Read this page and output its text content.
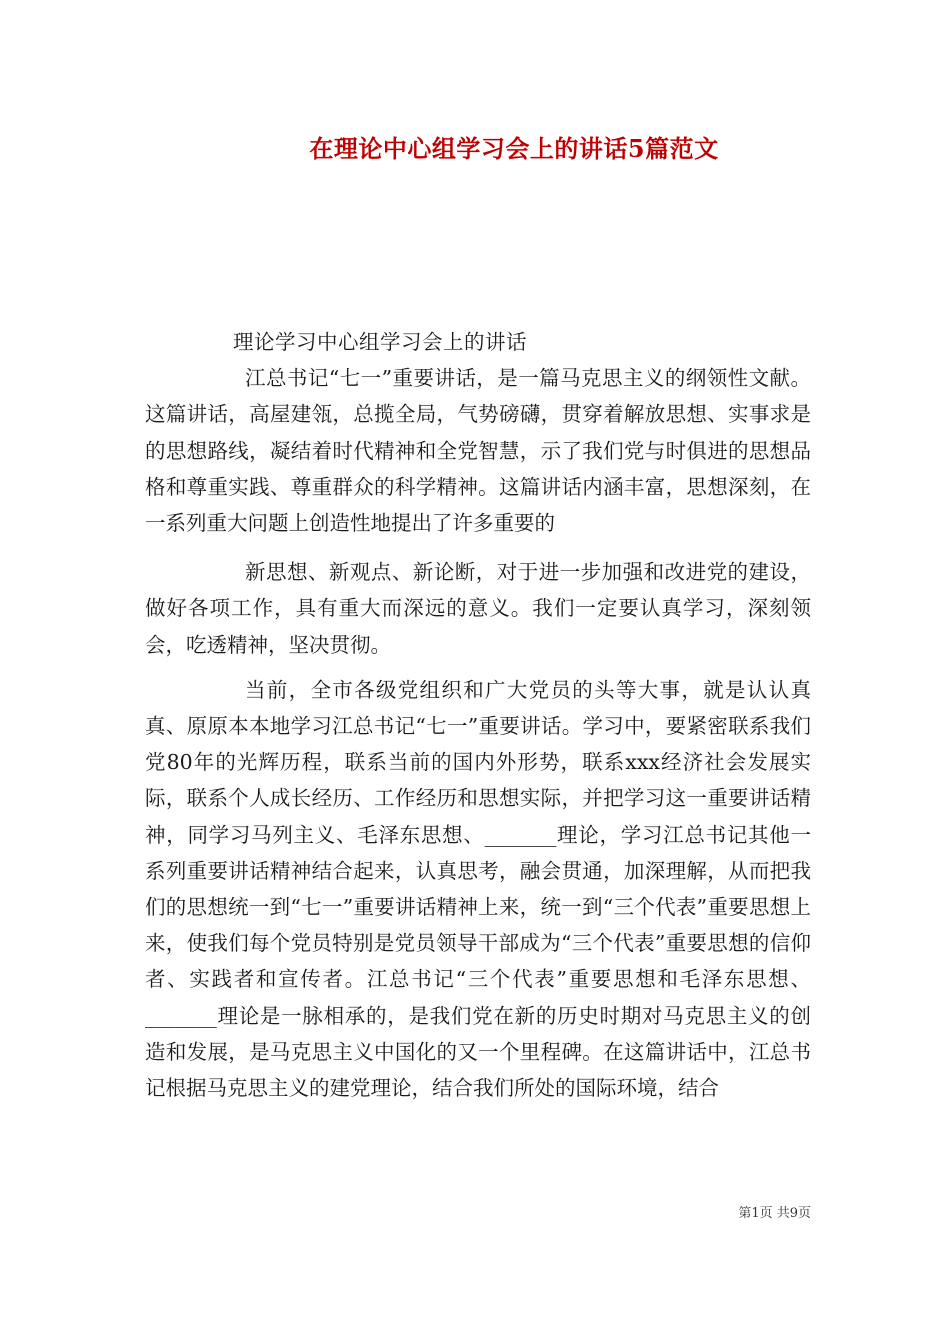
在理论中心组学习会上的讲话5篇范文

理论学习中心组学习会上的讲话

江总书记“七一”重要讲话，是一篇马克思主义的纲领性文献。这篇讲话，高屋建瓴，总揽全局，气势磅礴，贯穿着解放思想、实事求是的思想路线，凝结着时代精神和全党智慧，示了我们党与时俱进的思想品格和尊重实践、尊重群众的科学精神。这篇讲话内涵丰富，思想深刻，在一系列重大问题上创造性地提出了许多重要的

新思想、新观点、新论断，对于进一步加强和改进党的建设，做好各项工作，具有重大而深远的意义。我们一定要认真学习，深刻领会，吃透精神，坚决贯彻。

当前，全市各级党组织和广大党员的头等大事，就是认认真真、原原本本地学习江总书记“七一”重要讲话。学习中，要紧密联系我们党80年的光辉历程，联系当前的国内外形势，联系xxx经济社会发展实际，联系个人成长经历、工作经历和思想实际，并把学习这一重要讲话精神，同学习马列主义、毛泽东思想、_______理论，学习江总书记其他一系列重要讲话精神结合起来，认真思考，融会贯通，加深理解，从而把我们的思想统一到“七一”重要讲话精神上来，统一到“三个代表”重要思想上来，使我们每个党员特别是党员领导干部成为“三个代表”重要思想的信仰者、实践者和宣传者。江总书记“三个代表”重要思想和毛泽东思想、_______理论是一脉相承的，是我们党在新的历史时期对马克思主义的创造和发展，是马克思主义中国化的又一个里程碑。在这篇讲话中，江总书记根据马克思主义的建党理论，结合我们所处的国际环境，结合

第1页 共9页
